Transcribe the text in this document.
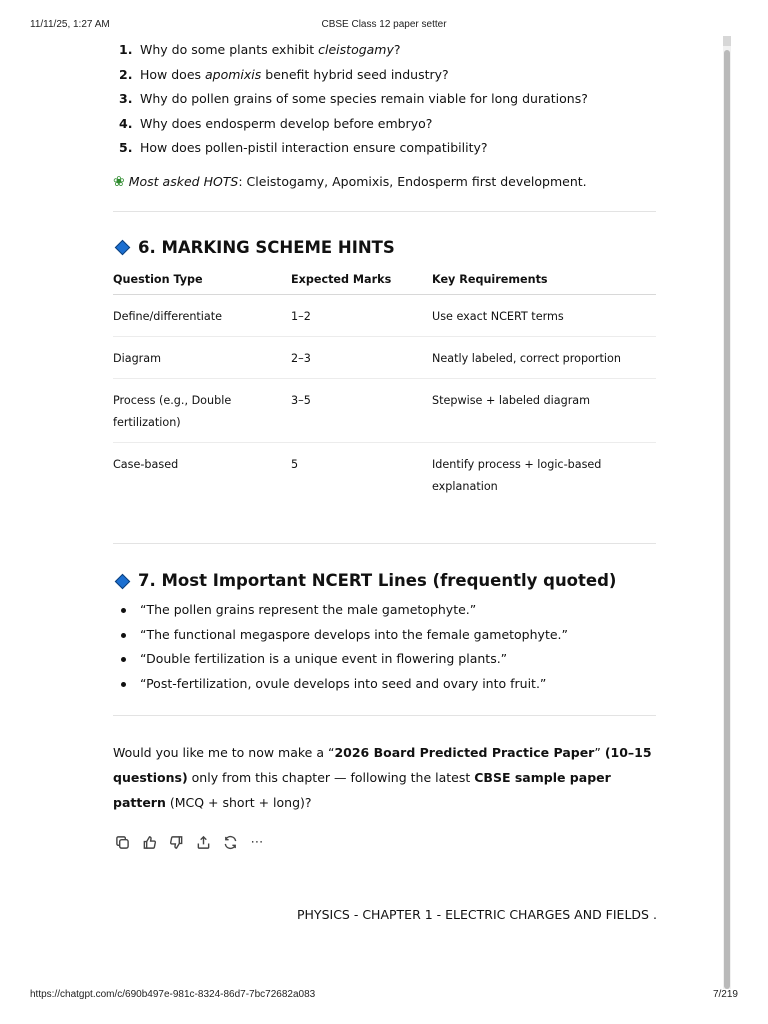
11/11/25, 1:27 AM	CBSE Class 12 paper setter
1. Why do some plants exhibit cleistogamy?
2. How does apomixis benefit hybrid seed industry?
3. Why do pollen grains of some species remain viable for long durations?
4. Why does endosperm develop before embryo?
5. How does pollen-pistil interaction ensure compatibility?

❀ Most asked HOTS: Cleistogamy, Apomixis, Endosperm first development.

6. MARKING SCHEME HINTS
Question Type	Expected Marks	Key Requirements
Define/differentiate	1–2	Use exact NCERT terms
Diagram	2–3	Neatly labeled, correct proportion
Process (e.g., Double fertilization)	3–5	Stepwise + labeled diagram
Case-based	5	Identify process + logic-based explanation
7. Most Important NCERT Lines (frequently quoted)
“The pollen grains represent the male gametophyte.”
“The functional megaspore develops into the female gametophyte.”
“Double fertilization is a unique event in flowering plants.”
“Post-fertilization, ovule develops into seed and ovary into fruit.”

Would you like me to now make a “2026 Board Predicted Practice Paper” (10–15 questions) only from this chapter — following the latest CBSE sample paper pattern (MCQ + short + long)?

⋯
PHYSICS - CHAPTER 1 - ELECTRIC CHARGES AND FIELDS .
https://chatgpt.com/c/690b497e-981c-8324-86d7-7bc72682a083	7/219
